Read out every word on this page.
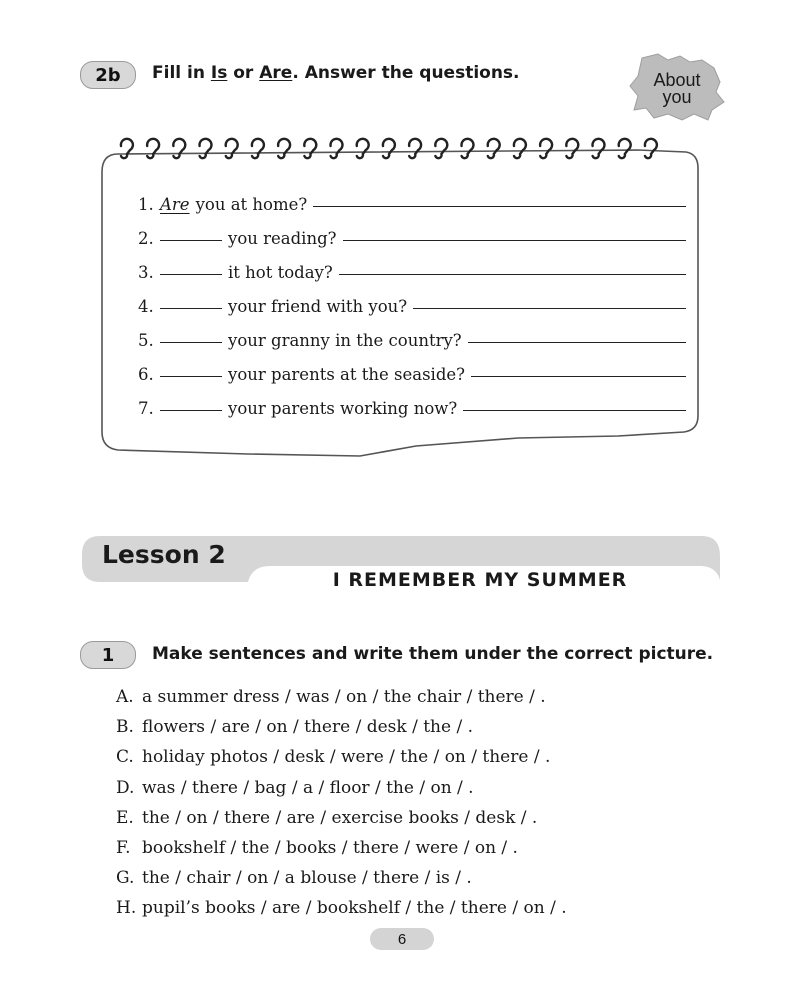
2b	Fill in Is or Are. Answer the questions.	About
you
1. Are you at home?
2.	you reading?
3.	it hot today?
4.	your friend with you?
5.	your granny in the country?
6.	your parents at the seaside?
7.	your parents working now?
Lesson 2
I REMEMBER MY SUMMER
1	Make sentences and write them under the correct picture.
A. a summer dress / was / on / the chair / there / .
B. flowers / are / on / there / desk / the / .
C. holiday photos / desk / were / the / on / there / .
D. was / there / bag / a / floor / the / on / .
E. the / on / there / are / exercise books / desk / .
F. bookshelf / the / books / there / were / on / .
G. the / chair / on / a blouse / there / is / .
H. pupil’s books / are / bookshelf / the / there / on / .
6
